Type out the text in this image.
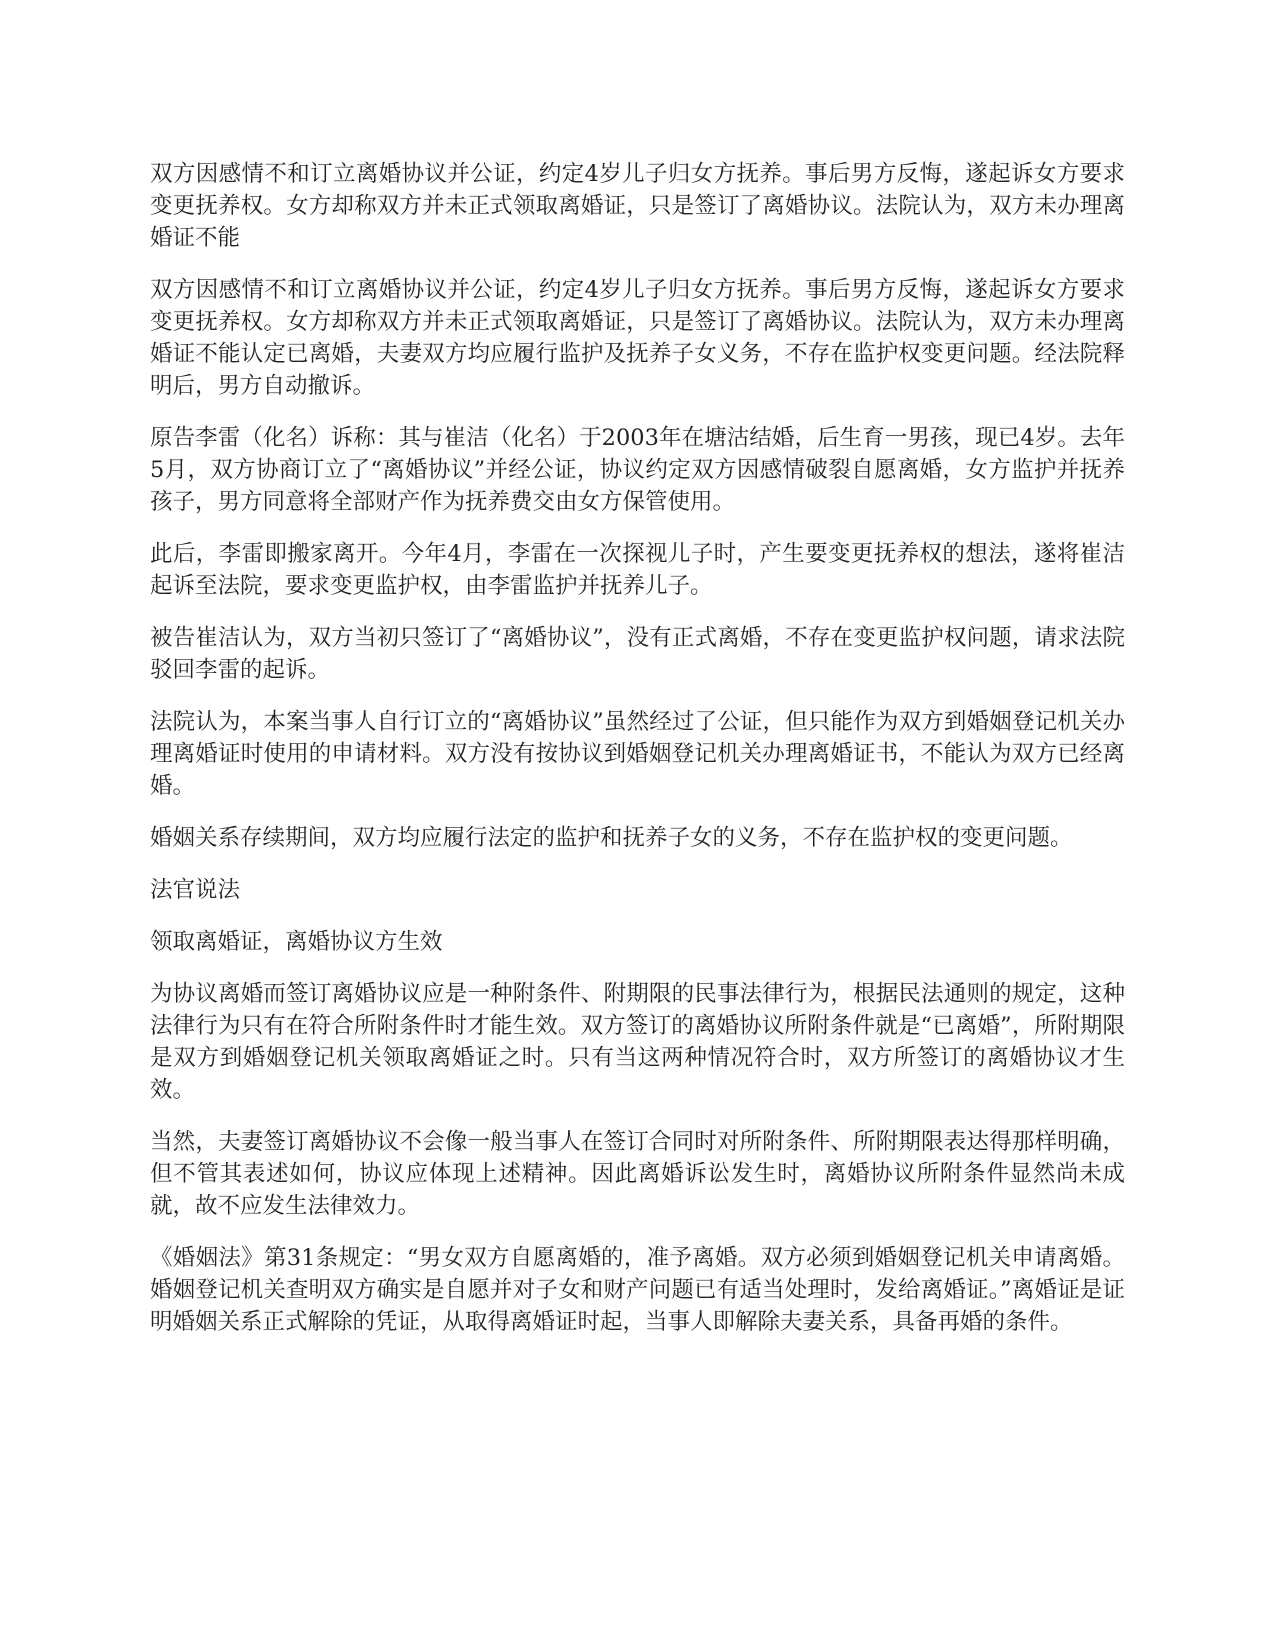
双方因感情不和订立离婚协议并公证，约定4岁儿子归女方抚养。事后男方反悔，遂起诉女方要求变更抚养权。女方却称双方并未正式领取离婚证，只是签订了离婚协议。法院认为，双方未办理离婚证不能

双方因感情不和订立离婚协议并公证，约定4岁儿子归女方抚养。事后男方反悔，遂起诉女方要求变更抚养权。女方却称双方并未正式领取离婚证，只是签订了离婚协议。法院认为，双方未办理离婚证不能认定已离婚，夫妻双方均应履行监护及抚养子女义务，不存在监护权变更问题。经法院释明后，男方自动撤诉。

原告李雷（化名）诉称：其与崔洁（化名）于2003年在塘沽结婚，后生育一男孩，现已4岁。去年5月，双方协商订立了“离婚协议”并经公证，协议约定双方因感情破裂自愿离婚，女方监护并抚养孩子，男方同意将全部财产作为抚养费交由女方保管使用。

此后，李雷即搬家离开。今年4月，李雷在一次探视儿子时，产生要变更抚养权的想法，遂将崔洁起诉至法院，要求变更监护权，由李雷监护并抚养儿子。

被告崔洁认为，双方当初只签订了“离婚协议”，没有正式离婚，不存在变更监护权问题，请求法院驳回李雷的起诉。

法院认为，本案当事人自行订立的“离婚协议”虽然经过了公证，但只能作为双方到婚姻登记机关办理离婚证时使用的申请材料。双方没有按协议到婚姻登记机关办理离婚证书，不能认为双方已经离婚。

婚姻关系存续期间，双方均应履行法定的监护和抚养子女的义务，不存在监护权的变更问题。

法官说法

领取离婚证，离婚协议方生效

为协议离婚而签订离婚协议应是一种附条件、附期限的民事法律行为，根据民法通则的规定，这种法律行为只有在符合所附条件时才能生效。双方签订的离婚协议所附条件就是“已离婚”，所附期限是双方到婚姻登记机关领取离婚证之时。只有当这两种情况符合时，双方所签订的离婚协议才生效。

当然，夫妻签订离婚协议不会像一般当事人在签订合同时对所附条件、所附期限表达得那样明确，但不管其表述如何，协议应体现上述精神。因此离婚诉讼发生时，离婚协议所附条件显然尚未成就，故不应发生法律效力。

《婚姻法》第31条规定：“男女双方自愿离婚的，准予离婚。双方必须到婚姻登记机关申请离婚。婚姻登记机关查明双方确实是自愿并对子女和财产问题已有适当处理时，发给离婚证。”离婚证是证明婚姻关系正式解除的凭证，从取得离婚证时起，当事人即解除夫妻关系，具备再婚的条件。
